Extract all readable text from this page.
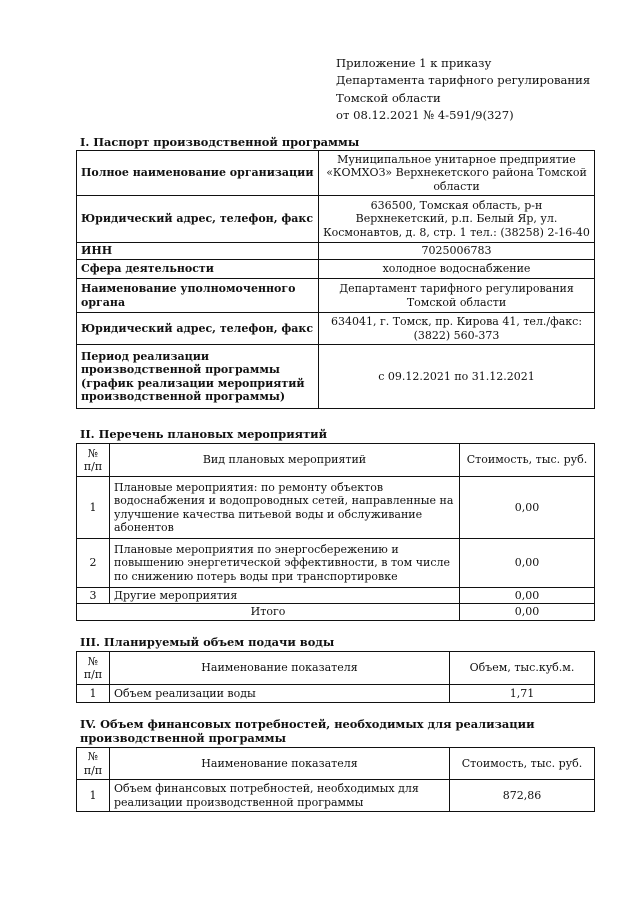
Приложение 1 к приказу
Департамента тарифного регулирования
Томской области
от 08.12.2021 № 4-591/9(327)
I. Паспорт производственной программы
Полное наименование организации	Муниципальное унитарное предприятие «КОМХОЗ» Верхнекетского района Томской области
Юридический адрес, телефон, факс	636500, Томская область, р-н Верхнекетский, р.п. Белый Яр, ул. Космонавтов, д. 8, стр. 1 тел.: (38258) 2-16-40
ИНН	7025006783
Сфера деятельности	холодное водоснабжение
Наименование уполномоченного органа	Департамент тарифного регулирования Томской области
Юридический адрес, телефон, факс	634041, г. Томск, пр. Кирова 41, тел./факс: (3822) 560-373
Период реализации производственной программы (график реализации мероприятий производственной программы)	с 09.12.2021 по 31.12.2021
II. Перечень плановых мероприятий
№ п/п	Вид плановых мероприятий	Стоимость, тыс. руб.
1	Плановые мероприятия: по ремонту объектов водоснабжения и водопроводных сетей, направленные на улучшение качества питьевой воды и обслуживание абонентов	0,00
2	Плановые мероприятия по энергосбережению и повышению энергетической эффективности, в том числе по снижению потерь воды при транспортировке	0,00
3	Другие мероприятия	0,00
Итого		0,00
III. Планируемый объем подачи воды
№ п/п	Наименование показателя	Объем, тыс.куб.м.
1	Объем реализации воды	1,71
IV. Объем финансовых потребностей, необходимых для реализации производственной программы
№ п/п	Наименование показателя	Стоимость, тыс. руб.
1	Объем финансовых потребностей, необходимых для реализации производственной программы	872,86
